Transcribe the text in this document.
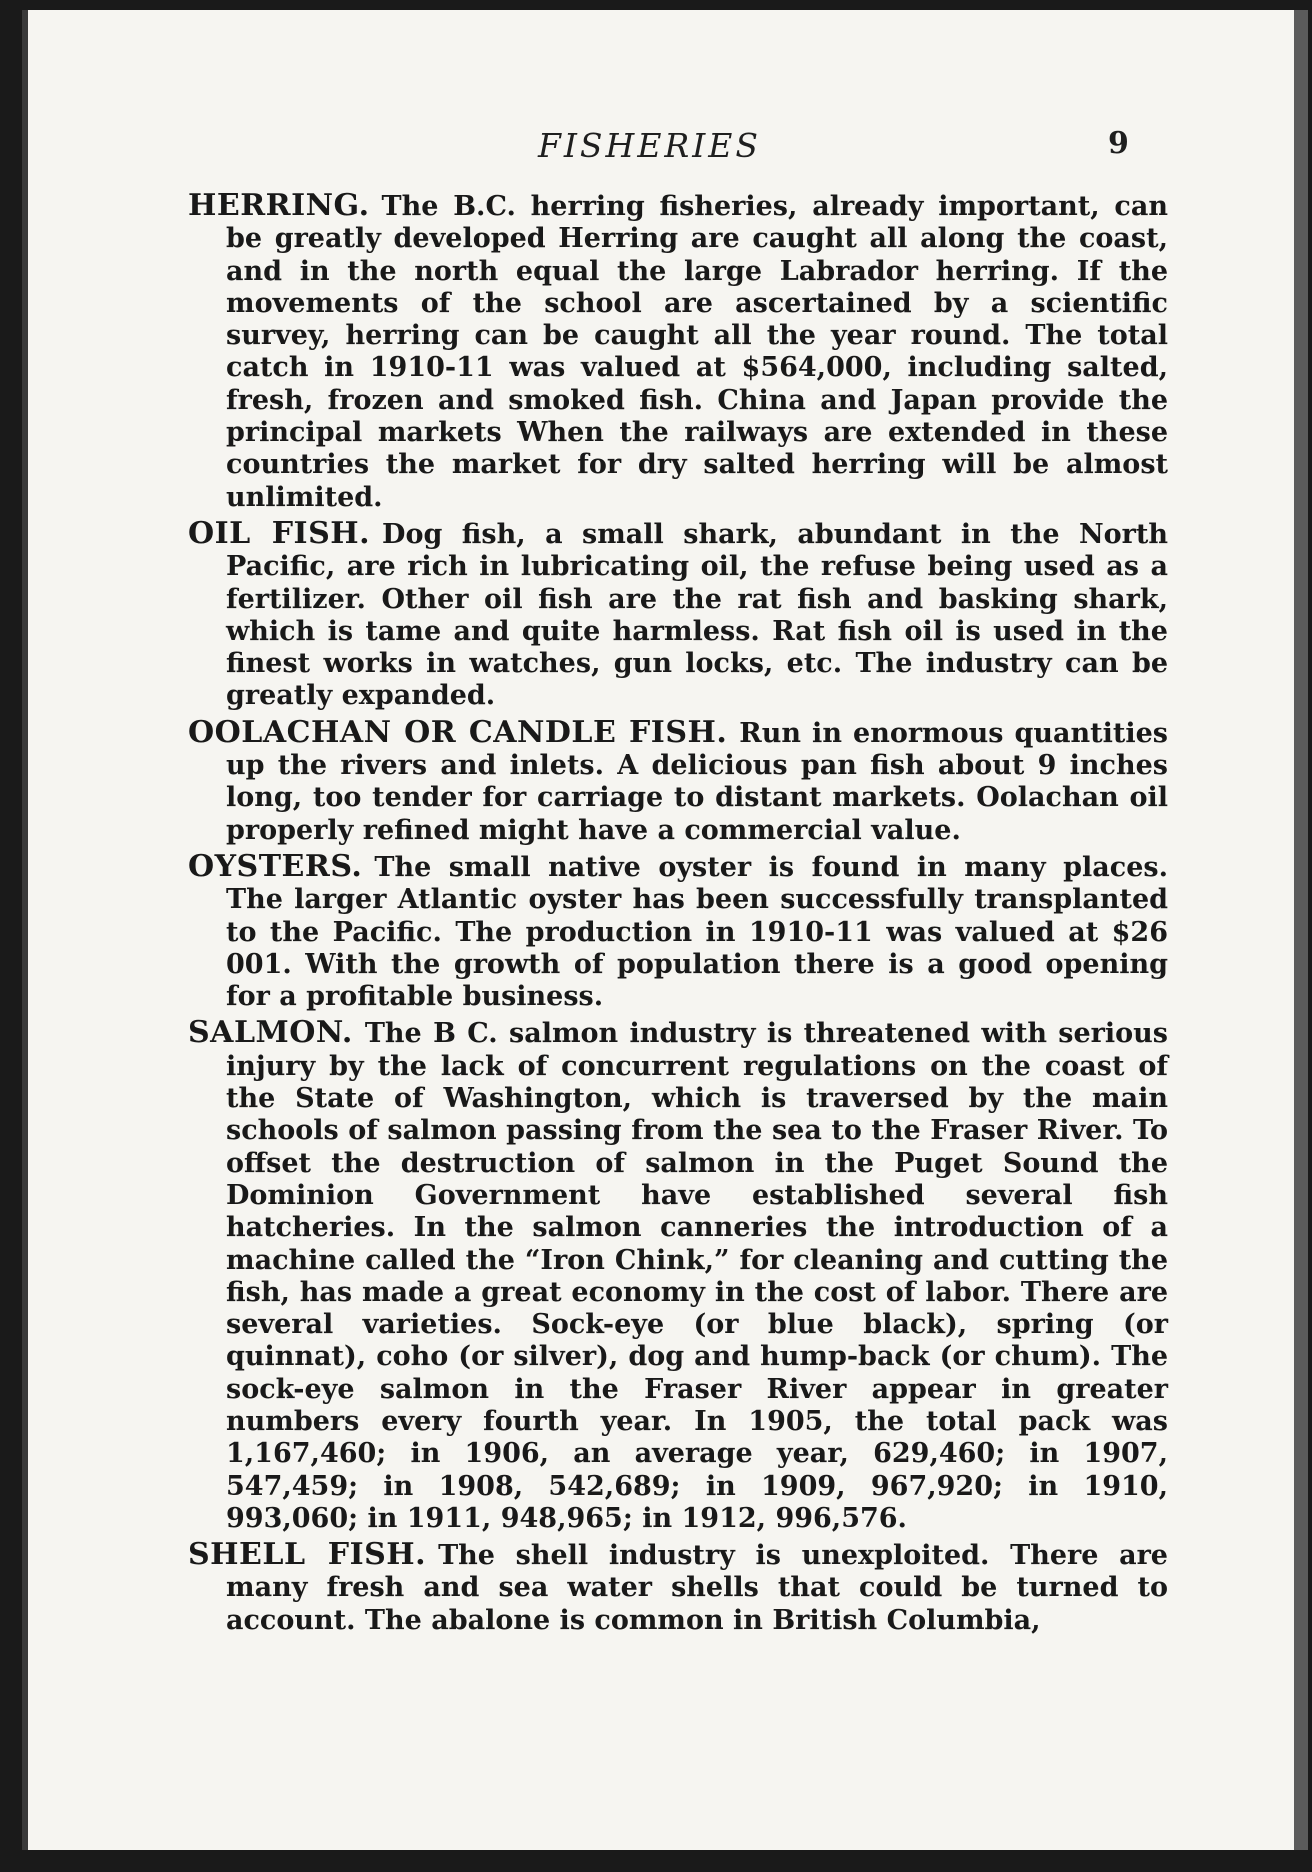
FISHERIES	9

HERRING. The B.C. herring fisheries, already important, can be greatly developed Herring are caught all along the coast, and in the north equal the large Labrador herring. If the movements of the school are ascertained by a scientific survey, herring can be caught all the year round. The total catch in 1910-11 was valued at $564,000, including salted, fresh, frozen and smoked fish. China and Japan provide the principal markets When the railways are extended in these countries the market for dry salted herring will be almost unlimited.

OIL FISH. Dog fish, a small shark, abundant in the North Pacific, are rich in lubricating oil, the refuse being used as a fertilizer. Other oil fish are the rat fish and basking shark, which is tame and quite harmless. Rat fish oil is used in the finest works in watches, gun locks, etc. The industry can be greatly expanded.

OOLACHAN OR CANDLE FISH. Run in enormous quantities up the rivers and inlets. A delicious pan fish about 9 inches long, too tender for carriage to distant markets. Oolachan oil properly refined might have a commercial value.

OYSTERS. The small native oyster is found in many places. The larger Atlantic oyster has been successfully transplanted to the Pacific. The production in 1910-11 was valued at $26 001. With the growth of population there is a good opening for a profitable business.

SALMON. The B C. salmon industry is threatened with serious injury by the lack of concurrent regulations on the coast of the State of Washington, which is traversed by the main schools of salmon passing from the sea to the Fraser River. To offset the destruction of salmon in the Puget Sound the Dominion Government have established several fish hatcheries. In the salmon canneries the introduction of a machine called the “Iron Chink,” for cleaning and cutting the fish, has made a great economy in the cost of labor. There are several varieties. Sock-eye (or blue black), spring (or quinnat), coho (or silver), dog and hump-back (or chum). The sock-eye salmon in the Fraser River appear in greater numbers every fourth year. In 1905, the total pack was 1,167,460; in 1906, an average year, 629,460; in 1907, 547,459; in 1908, 542,689; in 1909, 967,920; in 1910, 993,060; in 1911, 948,965; in 1912, 996,576.

SHELL FISH. The shell industry is unexploited. There are many fresh and sea water shells that could be turned to account. The abalone is common in British Columbia,
